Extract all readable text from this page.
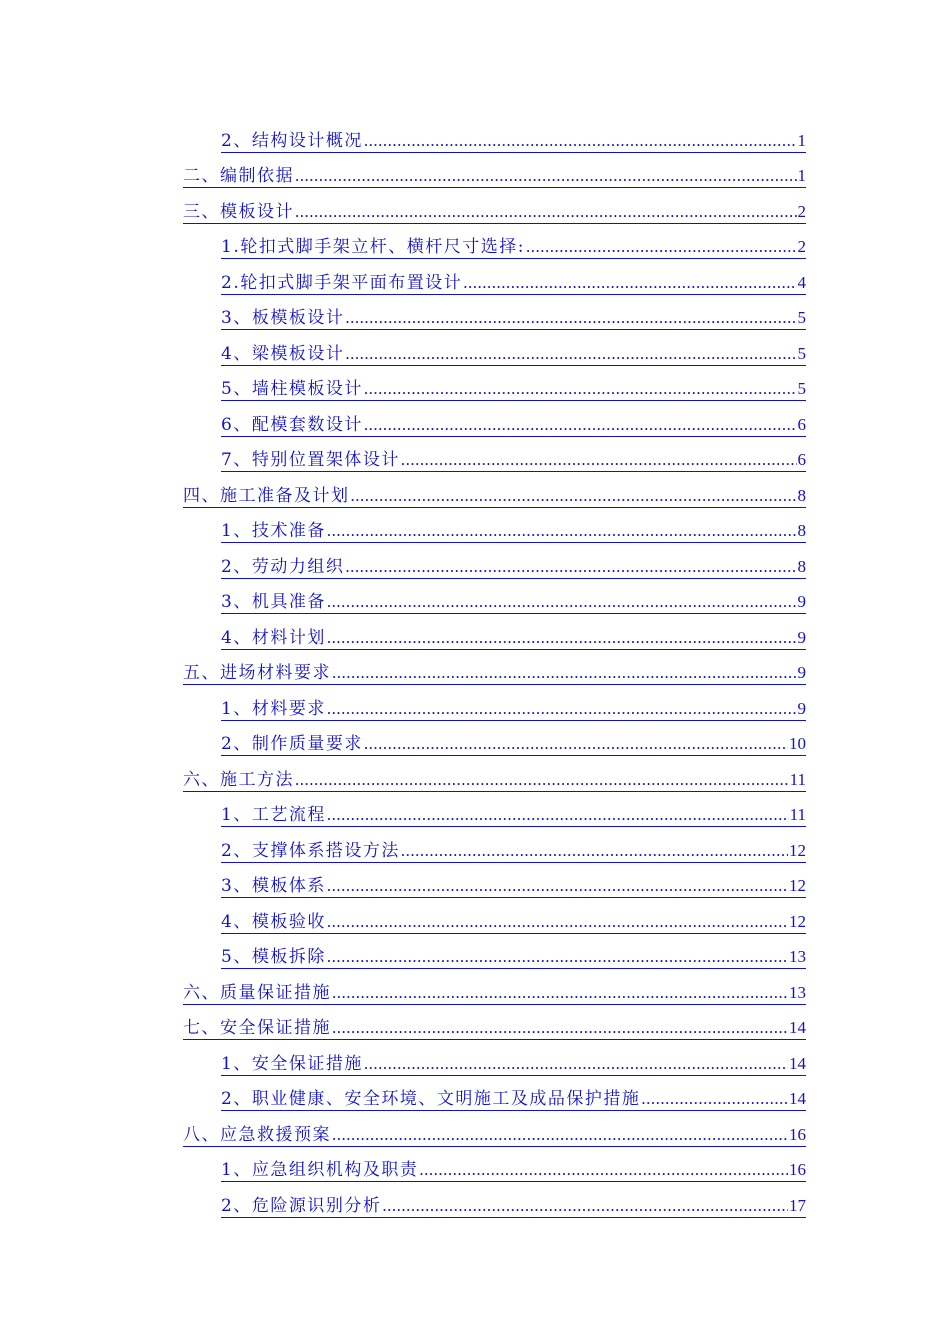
2、结构设计概况 .....	1
二、编制依据 .....	1
三、模板设计 .....	2
1.轮扣式脚手架立杆、横杆尺寸选择: .....	2
2.轮扣式脚手架平面布置设计 .....	4
3、板模板设计 .....	5
4、梁模板设计 .....	5
5、墙柱模板设计 .....	5
6、配模套数设计 .....	6
7、特别位置架体设计 .....	6
四、施工准备及计划 .....	8
1、技术准备 .....	8
2、劳动力组织 .....	8
3、机具准备 .....	9
4、材料计划 .....	9
五、进场材料要求 .....	9
1、材料要求 .....	9
2、制作质量要求 .....	10
六、施工方法 .....	11
1、工艺流程 .....	11
2、支撑体系搭设方法 .....	12
3、模板体系 .....	12
4、模板验收 .....	12
5、模板拆除 .....	13
六、质量保证措施 .....	13
七、安全保证措施 .....	14
1、安全保证措施 .....	14
2、职业健康、安全环境、文明施工及成品保护措施 .....	14
八、应急救援预案 .....	16
1、应急组织机构及职责 .....	16
2、危险源识别分析 .....	17
